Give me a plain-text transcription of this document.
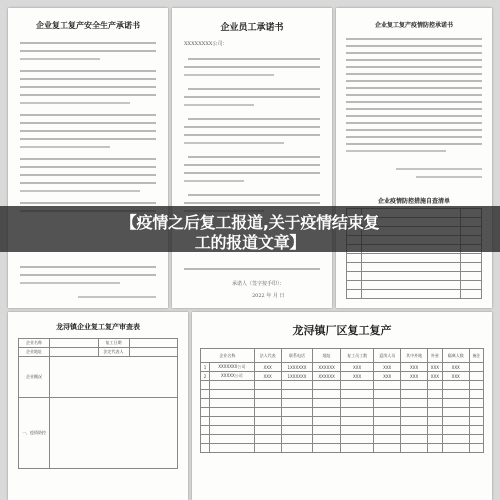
企业复工复产安全生产承诺书	企业员工承诺书
XXXXXXXX公司：
承诺人（签字按手印）：
2022 年 月 日
企业复工复产疫情防控承诺书
企业疫情防控措施自查清单

龙浔镇企业复工复产审查表
企业名称		复工日期	
企业地址		法定代表人	
企业概况			
一、疫情防控			
龙浔镇厂区复工复产
企业名称		法人代表	联系电话	地址	复工员工数	返岗人员	其中外地	外省	隔离人数	备注
1	XXXXXXX公司	XXX	1XXXXXX	XXXXXX	XXX	XXX	XXX	XXX	XXX	
2	XXXXX公司	XXX	1XXXXXX	XXXXXX	XXX	XXX	XXX	XXX	XXX	

【疫情之后复工报道,关于疫情结束复
工的报道文章】
